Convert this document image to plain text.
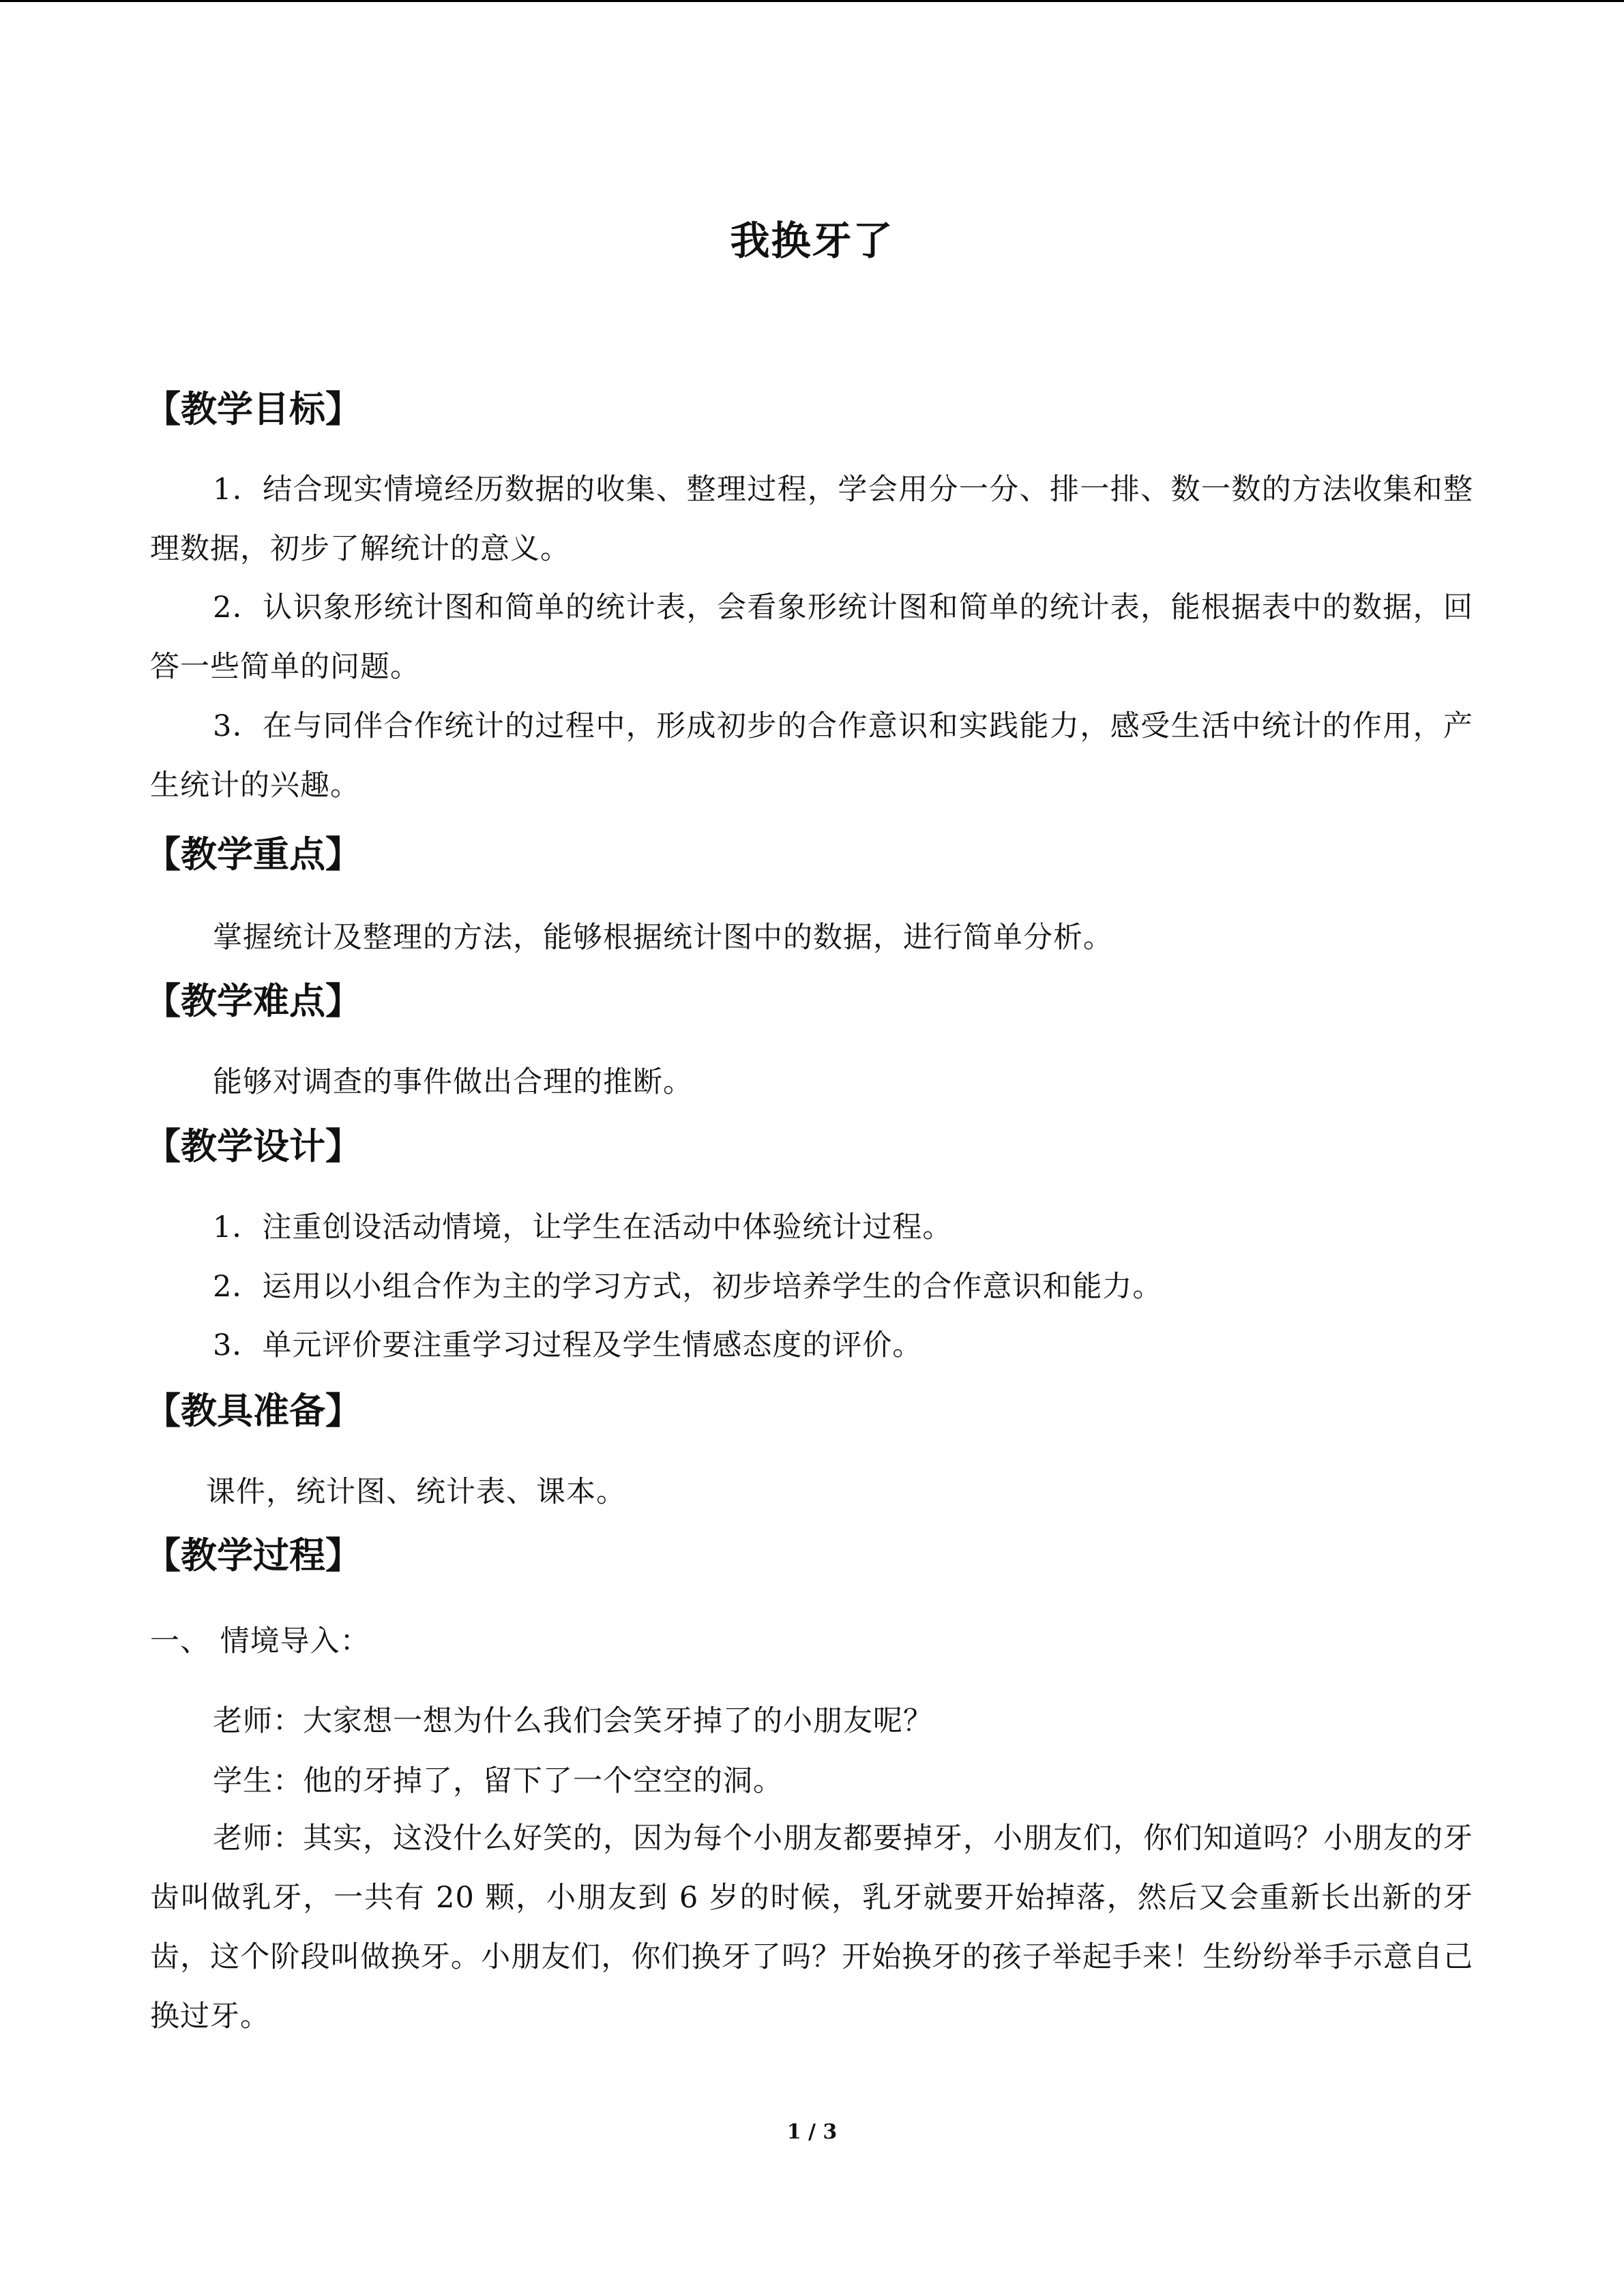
我换牙了
【教学目标】
1．结合现实情境经历数据的收集、整理过程，学会用分一分、排一排、数一数的方法收集和整理数据，初步了解统计的意义。
2．认识象形统计图和简单的统计表，会看象形统计图和简单的统计表，能根据表中的数据，回答一些简单的问题。
3．在与同伴合作统计的过程中，形成初步的合作意识和实践能力，感受生活中统计的作用，产生统计的兴趣。
【教学重点】
掌握统计及整理的方法，能够根据统计图中的数据，进行简单分析。
【教学难点】
能够对调查的事件做出合理的推断。
【教学设计】
1．注重创设活动情境，让学生在活动中体验统计过程。
2．运用以小组合作为主的学习方式，初步培养学生的合作意识和能力。
3．单元评价要注重学习过程及学生情感态度的评价。
【教具准备】
课件，统计图、统计表、课本。
【教学过程】
一、 情境导入：
老师：大家想一想为什么我们会笑牙掉了的小朋友呢？
学生：他的牙掉了，留下了一个空空的洞。
老师：其实，这没什么好笑的，因为每个小朋友都要掉牙，小朋友们，你们知道吗？小朋友的牙齿叫做乳牙，一共有 20 颗，小朋友到 6 岁的时候，乳牙就要开始掉落，然后又会重新长出新的牙齿，这个阶段叫做换牙。小朋友们，你们换牙了吗？开始换牙的孩子举起手来！生纷纷举手示意自己换过牙。
1 / 3
